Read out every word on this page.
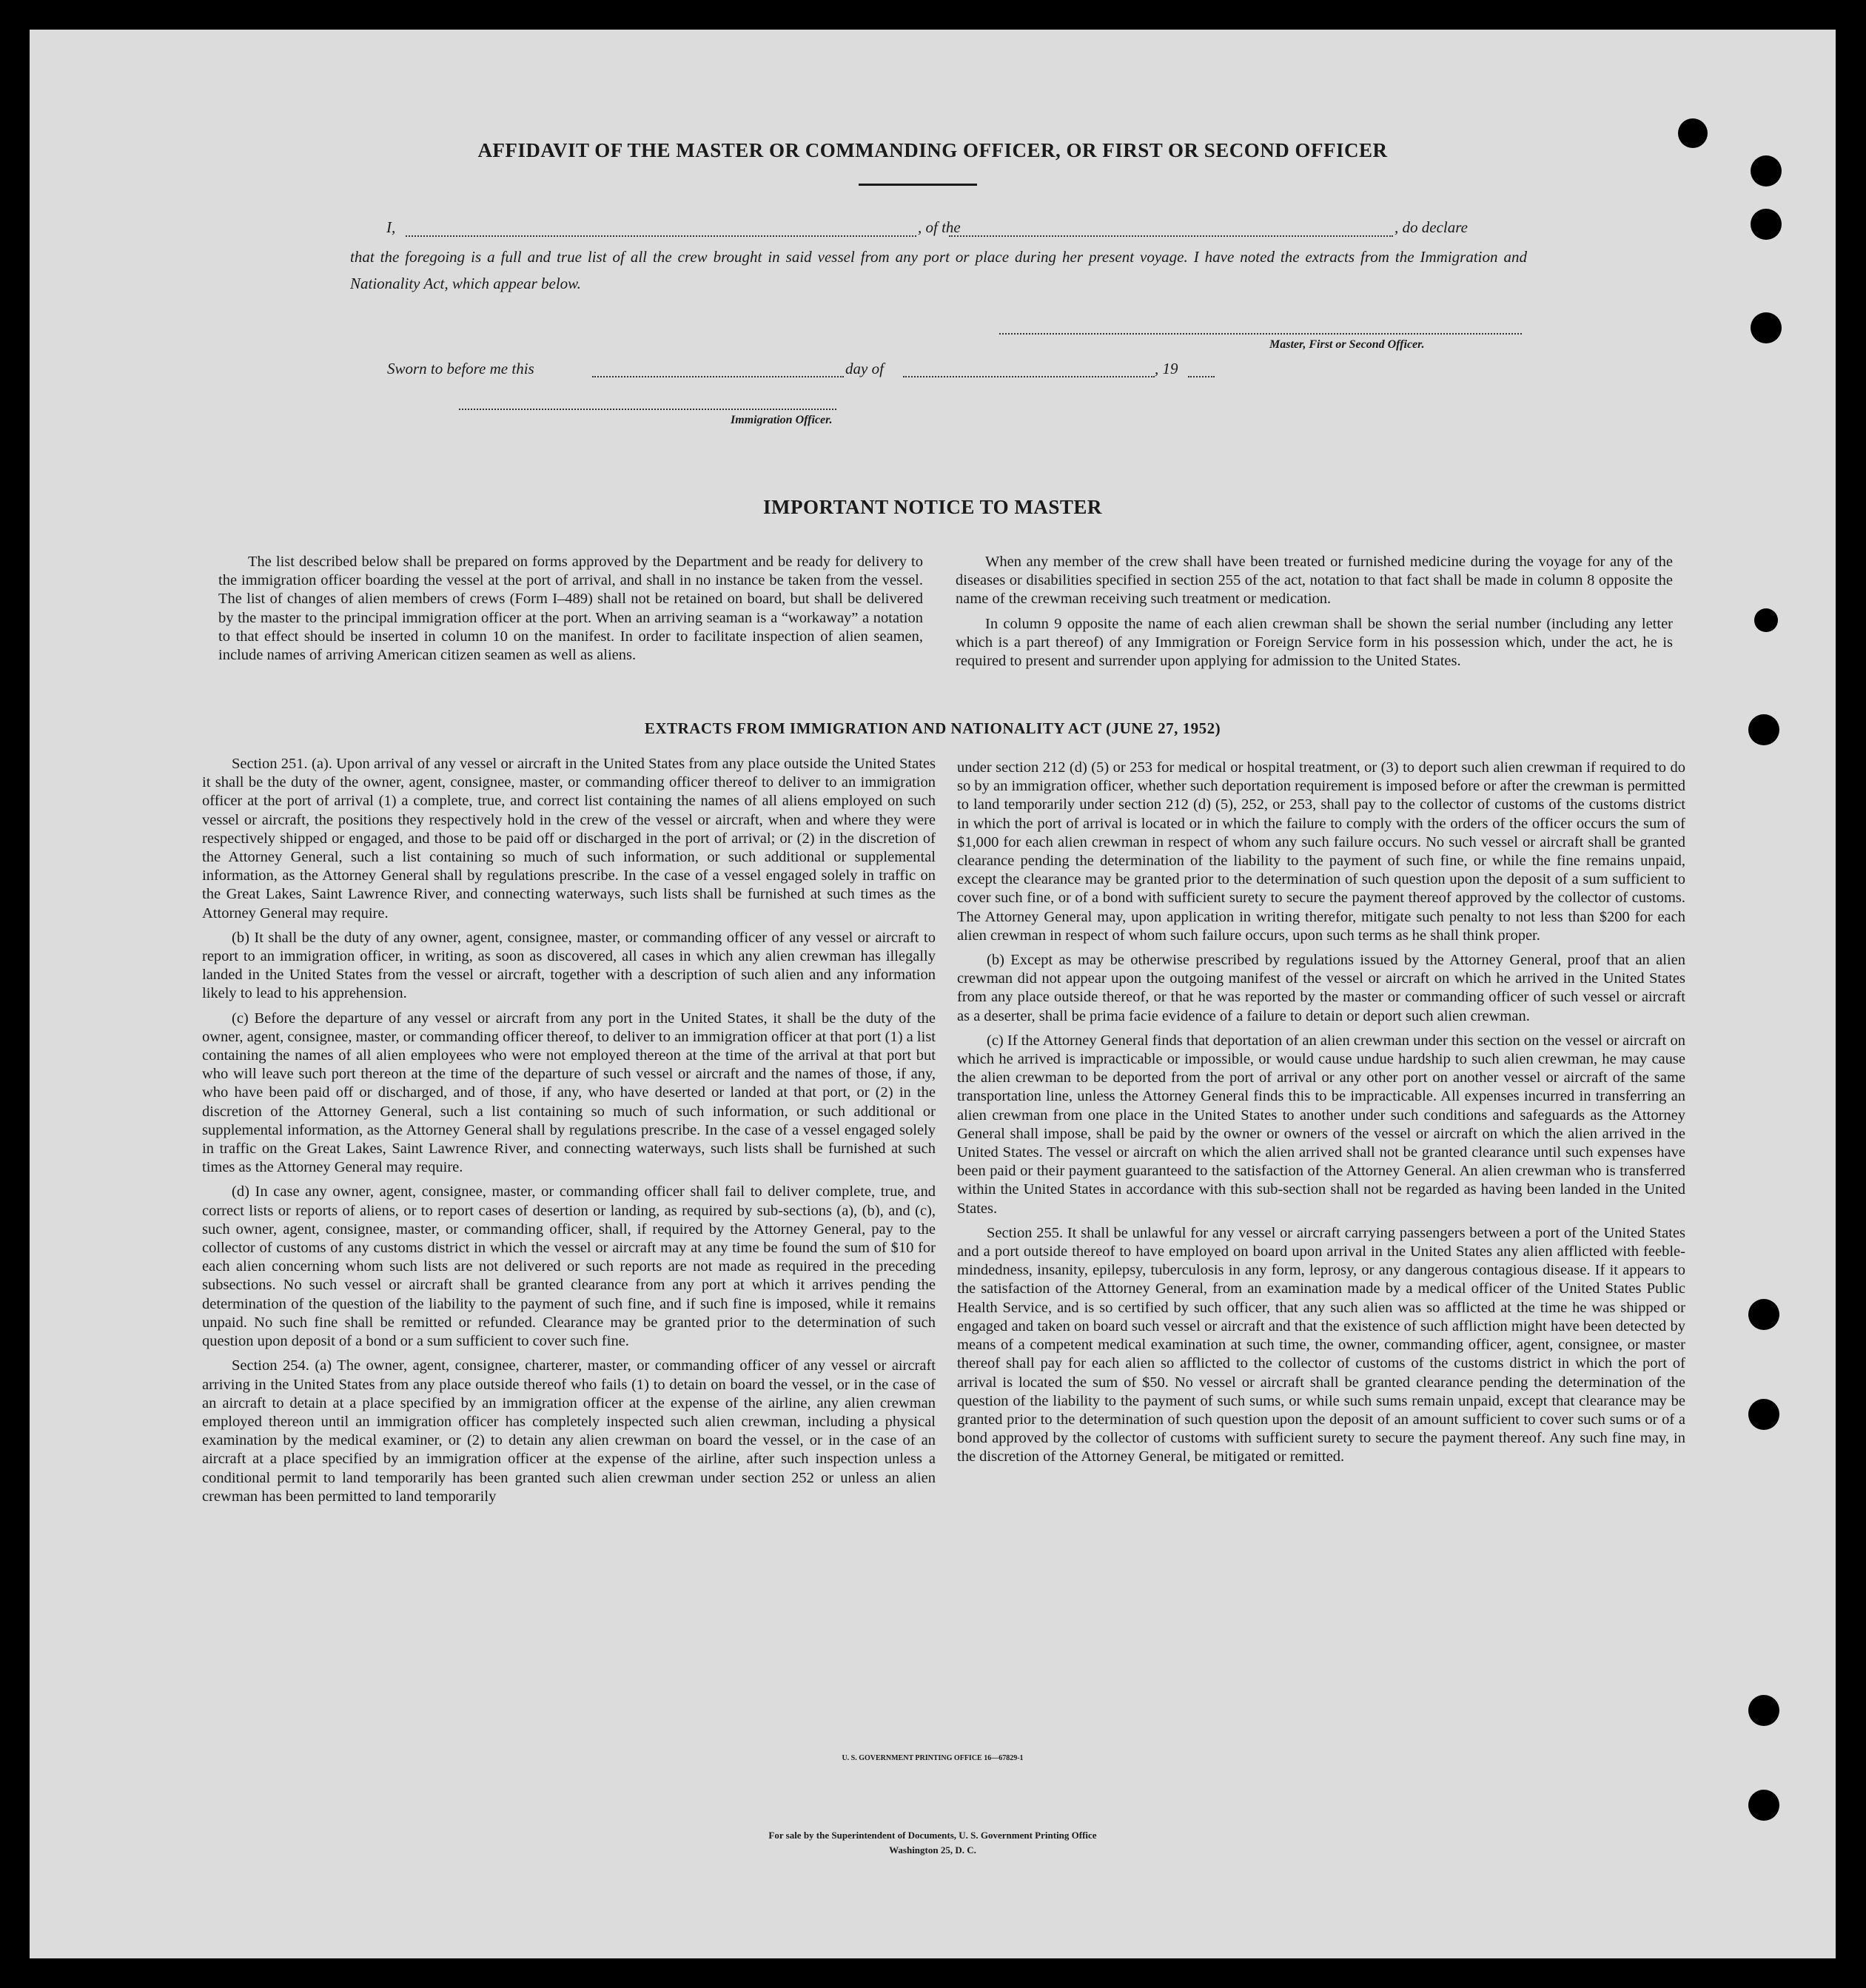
AFFIDAVIT OF THE MASTER OR COMMANDING OFFICER, OR FIRST OR SECOND OFFICER
I,	, of the	, do declare
that the foregoing is a full and true list of all the crew brought in said vessel from any port or place during her present voyage. I have noted the extracts from the Immigration and Nationality Act, which appear below.
Master, First or Second Officer.
Sworn to before me this	day of	, 19
Immigration Officer.
IMPORTANT NOTICE TO MASTER

The list described below shall be prepared on forms approved by the Department and be ready for delivery to the immigration officer boarding the vessel at the port of arrival, and shall in no instance be taken from the vessel. The list of changes of alien members of crews (Form I–489) shall not be retained on board, but shall be delivered by the master to the principal immigration officer at the port. When an arriving seaman is a “workaway” a notation to that effect should be inserted in column 10 on the manifest. In order to facilitate inspection of alien seamen, include names of arriving American citizen seamen as well as aliens.

When any member of the crew shall have been treated or furnished medicine during the voyage for any of the diseases or disabilities specified in section 255 of the act, notation to that fact shall be made in column 8 opposite the name of the crewman receiving such treatment or medication.

In column 9 opposite the name of each alien crewman shall be shown the serial number (including any letter which is a part thereof) of any Immigration or Foreign Service form in his possession which, under the act, he is required to present and surrender upon applying for admission to the United States.

EXTRACTS FROM IMMIGRATION AND NATIONALITY ACT (JUNE 27, 1952)

Section 251. (a). Upon arrival of any vessel or aircraft in the United States from any place outside the United States it shall be the duty of the owner, agent, consignee, master, or commanding officer thereof to deliver to an immigration officer at the port of arrival (1) a complete, true, and correct list containing the names of all aliens employed on such vessel or aircraft, the positions they respectively hold in the crew of the vessel or aircraft, when and where they were respectively shipped or engaged, and those to be paid off or discharged in the port of arrival; or (2) in the discretion of the Attorney General, such a list containing so much of such information, or such additional or supplemental information, as the Attorney General shall by regulations prescribe. In the case of a vessel engaged solely in traffic on the Great Lakes, Saint Lawrence River, and connecting waterways, such lists shall be furnished at such times as the Attorney General may require.

(b) It shall be the duty of any owner, agent, consignee, master, or commanding officer of any vessel or aircraft to report to an immigration officer, in writing, as soon as discovered, all cases in which any alien crewman has illegally landed in the United States from the vessel or aircraft, together with a description of such alien and any information likely to lead to his apprehension.

(c) Before the departure of any vessel or aircraft from any port in the United States, it shall be the duty of the owner, agent, consignee, master, or commanding officer thereof, to deliver to an immigration officer at that port (1) a list containing the names of all alien employees who were not employed thereon at the time of the arrival at that port but who will leave such port thereon at the time of the departure of such vessel or aircraft and the names of those, if any, who have been paid off or discharged, and of those, if any, who have deserted or landed at that port, or (2) in the discretion of the Attorney General, such a list containing so much of such information, or such additional or supplemental information, as the Attorney General shall by regulations prescribe. In the case of a vessel engaged solely in traffic on the Great Lakes, Saint Lawrence River, and connecting waterways, such lists shall be furnished at such times as the Attorney General may require.

(d) In case any owner, agent, consignee, master, or commanding officer shall fail to deliver complete, true, and correct lists or reports of aliens, or to report cases of desertion or landing, as required by sub-sections (a), (b), and (c), such owner, agent, consignee, master, or commanding officer, shall, if required by the Attorney General, pay to the collector of customs of any customs district in which the vessel or aircraft may at any time be found the sum of $10 for each alien concerning whom such lists are not delivered or such reports are not made as required in the preceding subsections. No such vessel or aircraft shall be granted clearance from any port at which it arrives pending the determination of the question of the liability to the payment of such fine, and if such fine is imposed, while it remains unpaid. No such fine shall be remitted or refunded. Clearance may be granted prior to the determination of such question upon deposit of a bond or a sum sufficient to cover such fine.

Section 254. (a) The owner, agent, consignee, charterer, master, or commanding officer of any vessel or aircraft arriving in the United States from any place outside thereof who fails (1) to detain on board the vessel, or in the case of an aircraft to detain at a place specified by an immigration officer at the expense of the airline, any alien crewman employed thereon until an immigration officer has completely inspected such alien crewman, including a physical examination by the medical examiner, or (2) to detain any alien crewman on board the vessel, or in the case of an aircraft at a place specified by an immigration officer at the expense of the airline, after such inspection unless a conditional permit to land temporarily has been granted such alien crewman under section 252 or unless an alien crewman has been permitted to land temporarily

under section 212 (d) (5) or 253 for medical or hospital treatment, or (3) to deport such alien crewman if required to do so by an immigration officer, whether such deportation requirement is imposed before or after the crewman is permitted to land temporarily under section 212 (d) (5), 252, or 253, shall pay to the collector of customs of the customs district in which the port of arrival is located or in which the failure to comply with the orders of the officer occurs the sum of $1,000 for each alien crewman in respect of whom any such failure occurs. No such vessel or aircraft shall be granted clearance pending the determination of the liability to the payment of such fine, or while the fine remains unpaid, except the clearance may be granted prior to the determination of such question upon the deposit of a sum sufficient to cover such fine, or of a bond with sufficient surety to secure the payment thereof approved by the collector of customs. The Attorney General may, upon application in writing therefor, mitigate such penalty to not less than $200 for each alien crewman in respect of whom such failure occurs, upon such terms as he shall think proper.

(b) Except as may be otherwise prescribed by regulations issued by the Attorney General, proof that an alien crewman did not appear upon the outgoing manifest of the vessel or aircraft on which he arrived in the United States from any place outside thereof, or that he was reported by the master or commanding officer of such vessel or aircraft as a deserter, shall be prima facie evidence of a failure to detain or deport such alien crewman.

(c) If the Attorney General finds that deportation of an alien crewman under this section on the vessel or aircraft on which he arrived is impracticable or impossible, or would cause undue hardship to such alien crewman, he may cause the alien crewman to be deported from the port of arrival or any other port on another vessel or aircraft of the same transportation line, unless the Attorney General finds this to be impracticable. All expenses incurred in transferring an alien crewman from one place in the United States to another under such conditions and safeguards as the Attorney General shall impose, shall be paid by the owner or owners of the vessel or aircraft on which the alien arrived in the United States. The vessel or aircraft on which the alien arrived shall not be granted clearance until such expenses have been paid or their payment guaranteed to the satisfaction of the Attorney General. An alien crewman who is transferred within the United States in accordance with this sub-section shall not be regarded as having been landed in the United States.

Section 255. It shall be unlawful for any vessel or aircraft carrying passengers between a port of the United States and a port outside thereof to have employed on board upon arrival in the United States any alien afflicted with feeble-mindedness, insanity, epilepsy, tuberculosis in any form, leprosy, or any dangerous contagious disease. If it appears to the satisfaction of the Attorney General, from an examination made by a medical officer of the United States Public Health Service, and is so certified by such officer, that any such alien was so afflicted at the time he was shipped or engaged and taken on board such vessel or aircraft and that the existence of such affliction might have been detected by means of a competent medical examination at such time, the owner, commanding officer, agent, consignee, or master thereof shall pay for each alien so afflicted to the collector of customs of the customs district in which the port of arrival is located the sum of $50. No vessel or aircraft shall be granted clearance pending the determination of the question of the liability to the payment of such sums, or while such sums remain unpaid, except that clearance may be granted prior to the determination of such question upon the deposit of an amount sufficient to cover such sums or of a bond approved by the collector of customs with sufficient surety to secure the payment thereof. Any such fine may, in the discretion of the Attorney General, be mitigated or remitted.

U. S. GOVERNMENT PRINTING OFFICE 16—67829-1
For sale by the Superintendent of Documents, U. S. Government Printing Office
Washington 25, D. C.
